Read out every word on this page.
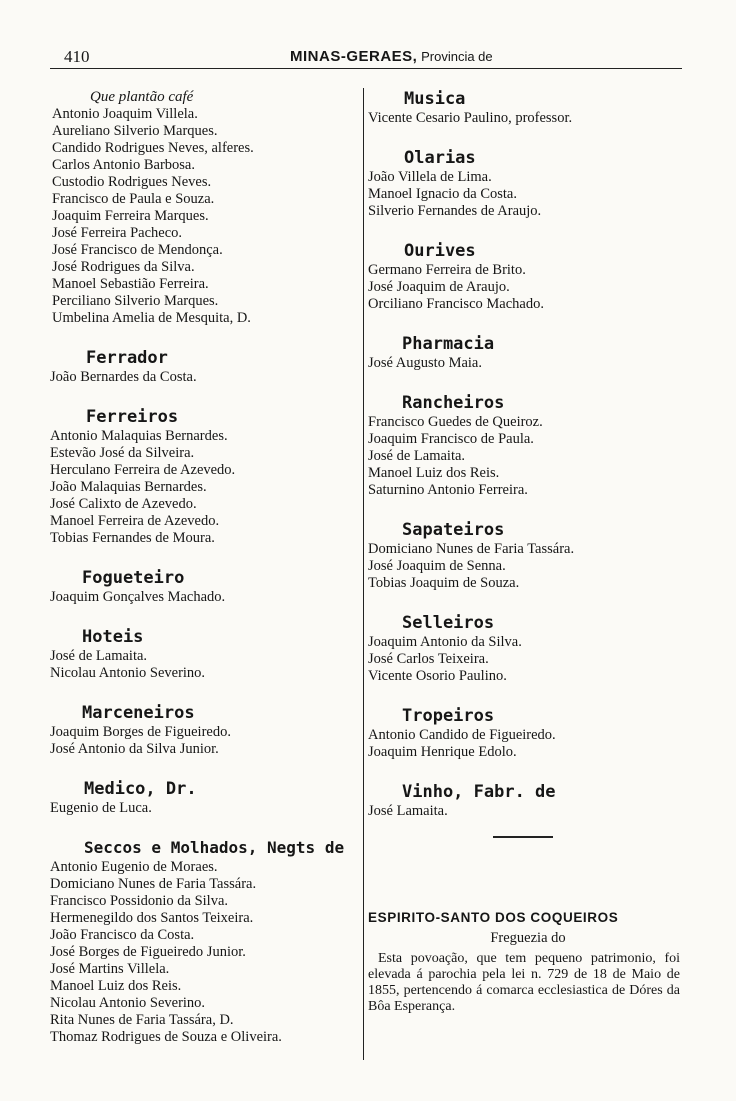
410	MINAS-GERAES, Provincia de
Que plantão café
Antonio Joaquim Villela.
Aureliano Silverio Marques.
Candido Rodrigues Neves, alferes.
Carlos Antonio Barbosa.
Custodio Rodrigues Neves.
Francisco de Paula e Souza.
Joaquim Ferreira Marques.
José Ferreira Pacheco.
José Francisco de Mendonça.
José Rodrigues da Silva.
Manoel Sebastião Ferreira.
Perciliano Silverio Marques.
Umbelina Amelia de Mesquita, D.
Ferrador
João Bernardes da Costa.
Ferreiros
Antonio Malaquias Bernardes.
Estevão José da Silveira.
Herculano Ferreira de Azevedo.
João Malaquias Bernardes.
José Calixto de Azevedo.
Manoel Ferreira de Azevedo.
Tobias Fernandes de Moura.
Fogueteiro
Joaquim Gonçalves Machado.
Hoteis
José de Lamaita.
Nicolau Antonio Severino.
Marceneiros
Joaquim Borges de Figueiredo.
José Antonio da Silva Junior.
Medico, Dr.
Eugenio de Luca.
Seccos e Molhados, Negts de
Antonio Eugenio de Moraes.
Domiciano Nunes de Faria Tassára.
Francisco Possidonio da Silva.
Hermenegildo dos Santos Teixeira.
João Francisco da Costa.
José Borges de Figueiredo Junior.
José Martins Villela.
Manoel Luiz dos Reis.
Nicolau Antonio Severino.
Rita Nunes de Faria Tassára, D.
Thomaz Rodrigues de Souza e Oliveira.
Musica
Vicente Cesario Paulino, professor.
Olarias
João Villela de Lima.
Manoel Ignacio da Costa.
Silverio Fernandes de Araujo.
Ourives
Germano Ferreira de Brito.
José Joaquim de Araujo.
Orciliano Francisco Machado.
Pharmacia
José Augusto Maia.
Rancheiros
Francisco Guedes de Queiroz.
Joaquim Francisco de Paula.
José de Lamaita.
Manoel Luiz dos Reis.
Saturnino Antonio Ferreira.
Sapateiros
Domiciano Nunes de Faria Tassára.
José Joaquim de Senna.
Tobias Joaquim de Souza.
Selleiros
Joaquim Antonio da Silva.
José Carlos Teixeira.
Vicente Osorio Paulino.
Tropeiros
Antonio Candido de Figueiredo.
Joaquim Henrique Edolo.
Vinho, Fabr. de
José Lamaita.
ESPIRITO-SANTO DOS COQUEIROS
Freguezia do
Esta povoação, que tem pequeno patrimonio, foi elevada á parochia pela lei n. 729 de 18 de Maio de 1855, pertencendo á comarca ecclesiastica de Dóres da Bôa Esperança.
